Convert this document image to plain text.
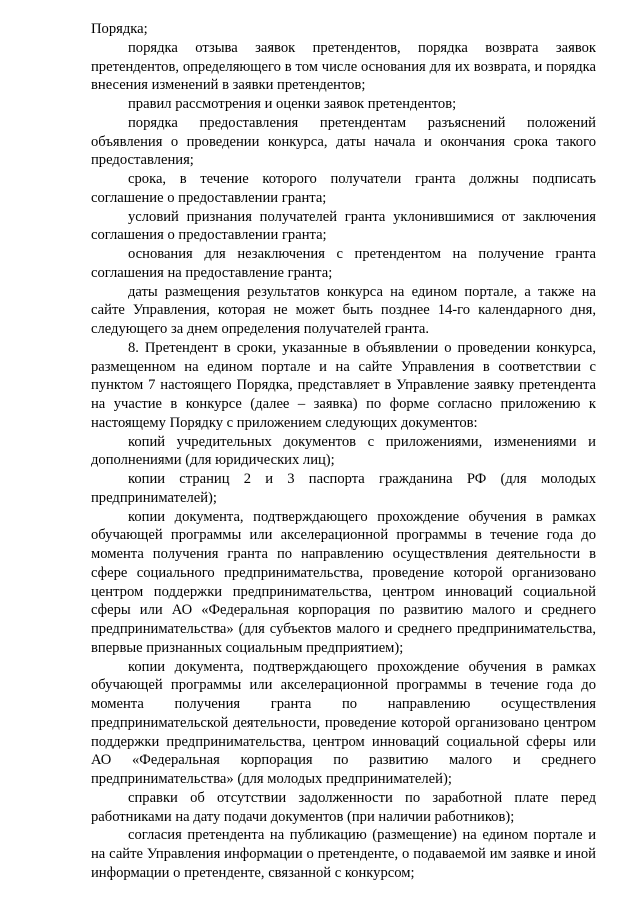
Порядка;

порядка отзыва заявок претендентов, порядка возврата заявок претендентов, определяющего в том числе основания для их возврата, и порядка внесения изменений в заявки претендентов;

правил рассмотрения и оценки заявок претендентов;

порядка предоставления претендентам разъяснений положений объявления о проведении конкурса, даты начала и окончания срока такого предоставления;

срока, в течение которого получатели гранта должны подписать соглашение о предоставлении гранта;

условий признания получателей гранта уклонившимися от заключения соглашения о предоставлении гранта;

основания для незаключения с претендентом на получение гранта соглашения на предоставление гранта;

даты размещения результатов конкурса на едином портале, а также на сайте Управления, которая не может быть позднее 14-го календарного дня, следующего за днем определения получателей гранта.

8. Претендент в сроки, указанные в объявлении о проведении конкурса, размещенном на едином портале и на сайте Управления в соответствии с пунктом 7 настоящего Порядка, представляет в Управление заявку претендента на участие в конкурсе (далее – заявка) по форме согласно приложению к настоящему Порядку с приложением следующих документов:

копий учредительных документов с приложениями, изменениями и дополнениями (для юридических лиц);

копии страниц 2 и 3 паспорта гражданина РФ (для молодых предпринимателей);

копии документа, подтверждающего прохождение обучения в рамках обучающей программы или акселерационной программы в течение года до момента получения гранта по направлению осуществления деятельности в сфере социального предпринимательства, проведение которой организовано центром поддержки предпринимательства, центром инноваций социальной сферы или АО «Федеральная корпорация по развитию малого и среднего предпринимательства» (для субъектов малого и среднего предпринимательства, впервые признанных социальным предприятием);

копии документа, подтверждающего прохождение обучения в рамках обучающей программы или акселерационной программы в течение года до момента получения гранта по направлению осуществления предпринимательской деятельности, проведение которой организовано центром поддержки предпринимательства, центром инноваций социальной сферы или АО «Федеральная корпорация по развитию малого и среднего предпринимательства» (для молодых предпринимателей);

справки об отсутствии задолженности по заработной плате перед работниками на дату подачи документов (при наличии работников);

согласия претендента на публикацию (размещение) на едином портале и на сайте Управления информации о претенденте, о подаваемой им заявке и иной информации о претенденте, связанной с конкурсом;
